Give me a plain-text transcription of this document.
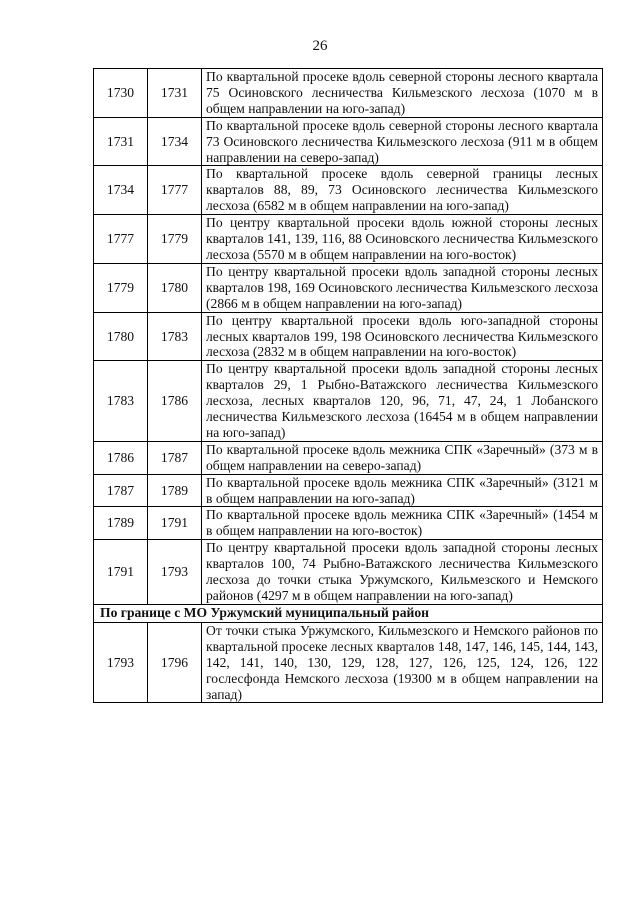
26
1730	1731	По квартальной просеке вдоль северной стороны лесного квартала 75 Осиновского лесничества Кильмезского лесхоза (1070 м в общем направлении на юго-запад)
1731	1734	По квартальной просеке вдоль северной стороны лесного квартала 73 Осиновского лесничества Кильмезского лесхоза (911 м в общем направлении на северо-запад)
1734	1777	По квартальной просеке вдоль северной границы лесных кварталов 88, 89, 73 Осиновского лесничества Кильмезского лесхоза (6582 м в общем направлении на юго-запад)
1777	1779	По центру квартальной просеки вдоль южной стороны лесных кварталов 141, 139, 116, 88 Осиновского лесничества Кильмезского лесхоза (5570 м в общем направлении на юго-восток)
1779	1780	По центру квартальной просеки вдоль западной стороны лесных кварталов 198, 169 Осиновского лесничества Кильмезского лесхоза (2866 м в общем направлении на юго-запад)
1780	1783	По центру квартальной просеки вдоль юго-западной стороны лесных кварталов 199, 198 Осиновского лесничества Кильмезского лесхоза (2832 м в общем направлении на юго-восток)
1783	1786	По центру квартальной просеки вдоль западной стороны лесных кварталов 29, 1 Рыбно-Ватажского лесничества Кильмезского лесхоза, лесных кварталов 120, 96, 71, 47, 24, 1 Лобанского лесничества Кильмезского лесхоза (16454 м в общем направлении на юго-запад)
1786	1787	По квартальной просеке вдоль межника СПК «Заречный» (373 м в общем направлении на северо-запад)
1787	1789	По квартальной просеке вдоль межника СПК «Заречный» (3121 м в общем направлении на юго-запад)
1789	1791	По квартальной просеке вдоль межника СПК «Заречный» (1454 м в общем направлении на юго-восток)
1791	1793	По центру квартальной просеки вдоль западной стороны лесных кварталов 100, 74 Рыбно-Ватажского лесничества Кильмезского лесхоза до точки стыка Уржумского, Кильмезского и Немского районов (4297 м в общем направлении на юго-запад)
По границе с МО Уржумский муниципальный район		
1793	1796	От точки стыка Уржумского, Кильмезского и Немского районов по квартальной просеке лесных кварталов 148, 147, 146, 145, 144, 143, 142, 141, 140, 130, 129, 128, 127, 126, 125, 124, 126, 122 гослесфонда Немского лесхоза (19300 м в общем направлении на запад)
